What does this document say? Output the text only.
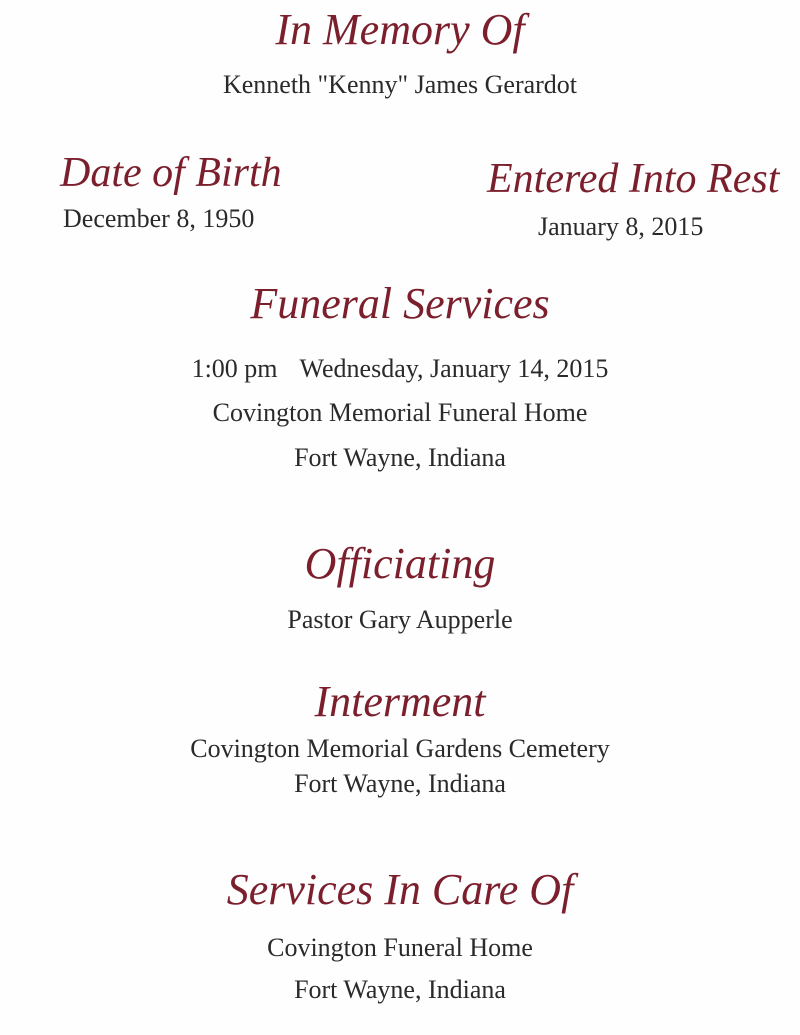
In Memory Of
Kenneth "Kenny" James Gerardot
Date of Birth
December 8, 1950
Entered Into Rest
January 8, 2015
Funeral Services
1:00 pm Wednesday, January 14, 2015
Covington Memorial Funeral Home
Fort Wayne, Indiana
Officiating
Pastor Gary Aupperle
Interment
Covington Memorial Gardens Cemetery
Fort Wayne, Indiana
Services In Care Of
Covington Funeral Home
Fort Wayne, Indiana
